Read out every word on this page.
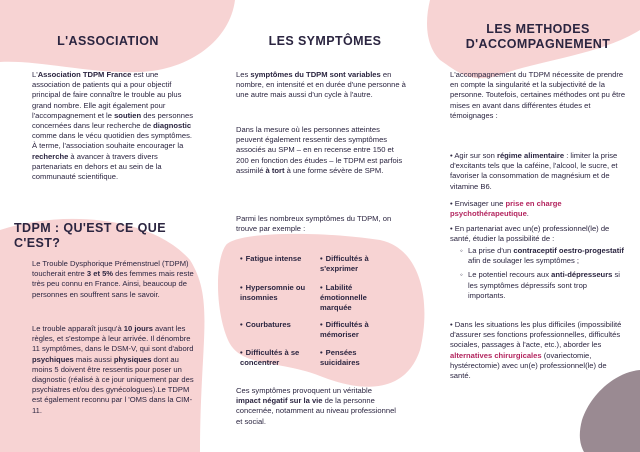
L'ASSOCIATION

L'Association TDPM France est une association de patients qui a pour objectif principal de faire connaître le trouble au plus grand nombre. Elle agit également pour l'accompagnement et le soutien des personnes concernées dans leur recherche de diagnostic comme dans le vécu quotidien des symptômes. À terme, l'association souhaite encourager la recherche à avancer à travers divers partenariats en dehors et au sein de la communauté scientifique.

TDPM : QU'EST CE QUE C'EST?

Le Trouble Dysphorique Prémenstruel (TDPM) toucherait entre 3 et 5% des femmes mais reste très peu connu en France. Ainsi, beaucoup de personnes en souffrent sans le savoir.

Le trouble apparaît jusqu'à 10 jours avant les règles, et s'estompe à leur arrivée. Il dénombre 11 symptômes, dans le DSM-V, qui sont d'abord psychiques mais aussi physiques dont au moins 5 doivent être ressentis pour poser un diagnostic (réalisé à ce jour uniquement par des psychiatres et/ou des gynécologues).Le TDPM est également reconnu par l 'OMS dans la CIM-11.

LES SYMPTÔMES

Les symptômes du TDPM sont variables en nombre, en intensité et en durée d'une personne à une autre mais aussi d'un cycle à l'autre.

Dans la mesure où les personnes atteintes peuvent également ressentir des symptômes associés au SPM – en en recense entre 150 et 200 en fonction des études – le TDPM est parfois assimilé à tort à une forme sévère de SPM.

Parmi les nombreux symptômes du TDPM, on trouve par exemple :

• Fatigue intense
• Hypersomnie ou insomnies
• Courbatures
• Difficultés à se concentrer
• Difficultés à s'exprimer
• Labilité émotionnelle marquée
• Difficultés à mémoriser
• Pensées suicidaires

Ces symptômes provoquent un véritable impact négatif sur la vie de la personne concernée, notamment au niveau professionnel et social.

LES METHODES
D'ACCOMPAGNEMENT

L'accompagnement du TDPM nécessite de prendre en compte la singularité et la subjectivité de la personne. Toutefois, certaines méthodes ont pu être mises en avant dans différentes études et témoignages :

• Agir sur son régime alimentaire : limiter la prise d'excitants tels que la caféine, l'alcool, le sucre, et favoriser la consommation de magnésium et de vitamine B6.

• Envisager une prise en charge psychothérapeutique.

• En partenariat avec un(e) professionnel(le) de santé, étudier la possibilité de :

◦ La prise d'un contraceptif oestro-progestatif afin de soulager les symptômes ;
◦ Le potentiel recours aux anti-dépresseurs si les symptômes dépressifs sont trop importants.

• Dans les situations les plus difficiles (impossibilité d'assurer ses fonctions professionnelles, difficultés sociales, passages à l'acte, etc.), aborder les alternatives chirurgicales (ovariectomie, hystérectomie) avec un(e) professionnel(le) de santé.
